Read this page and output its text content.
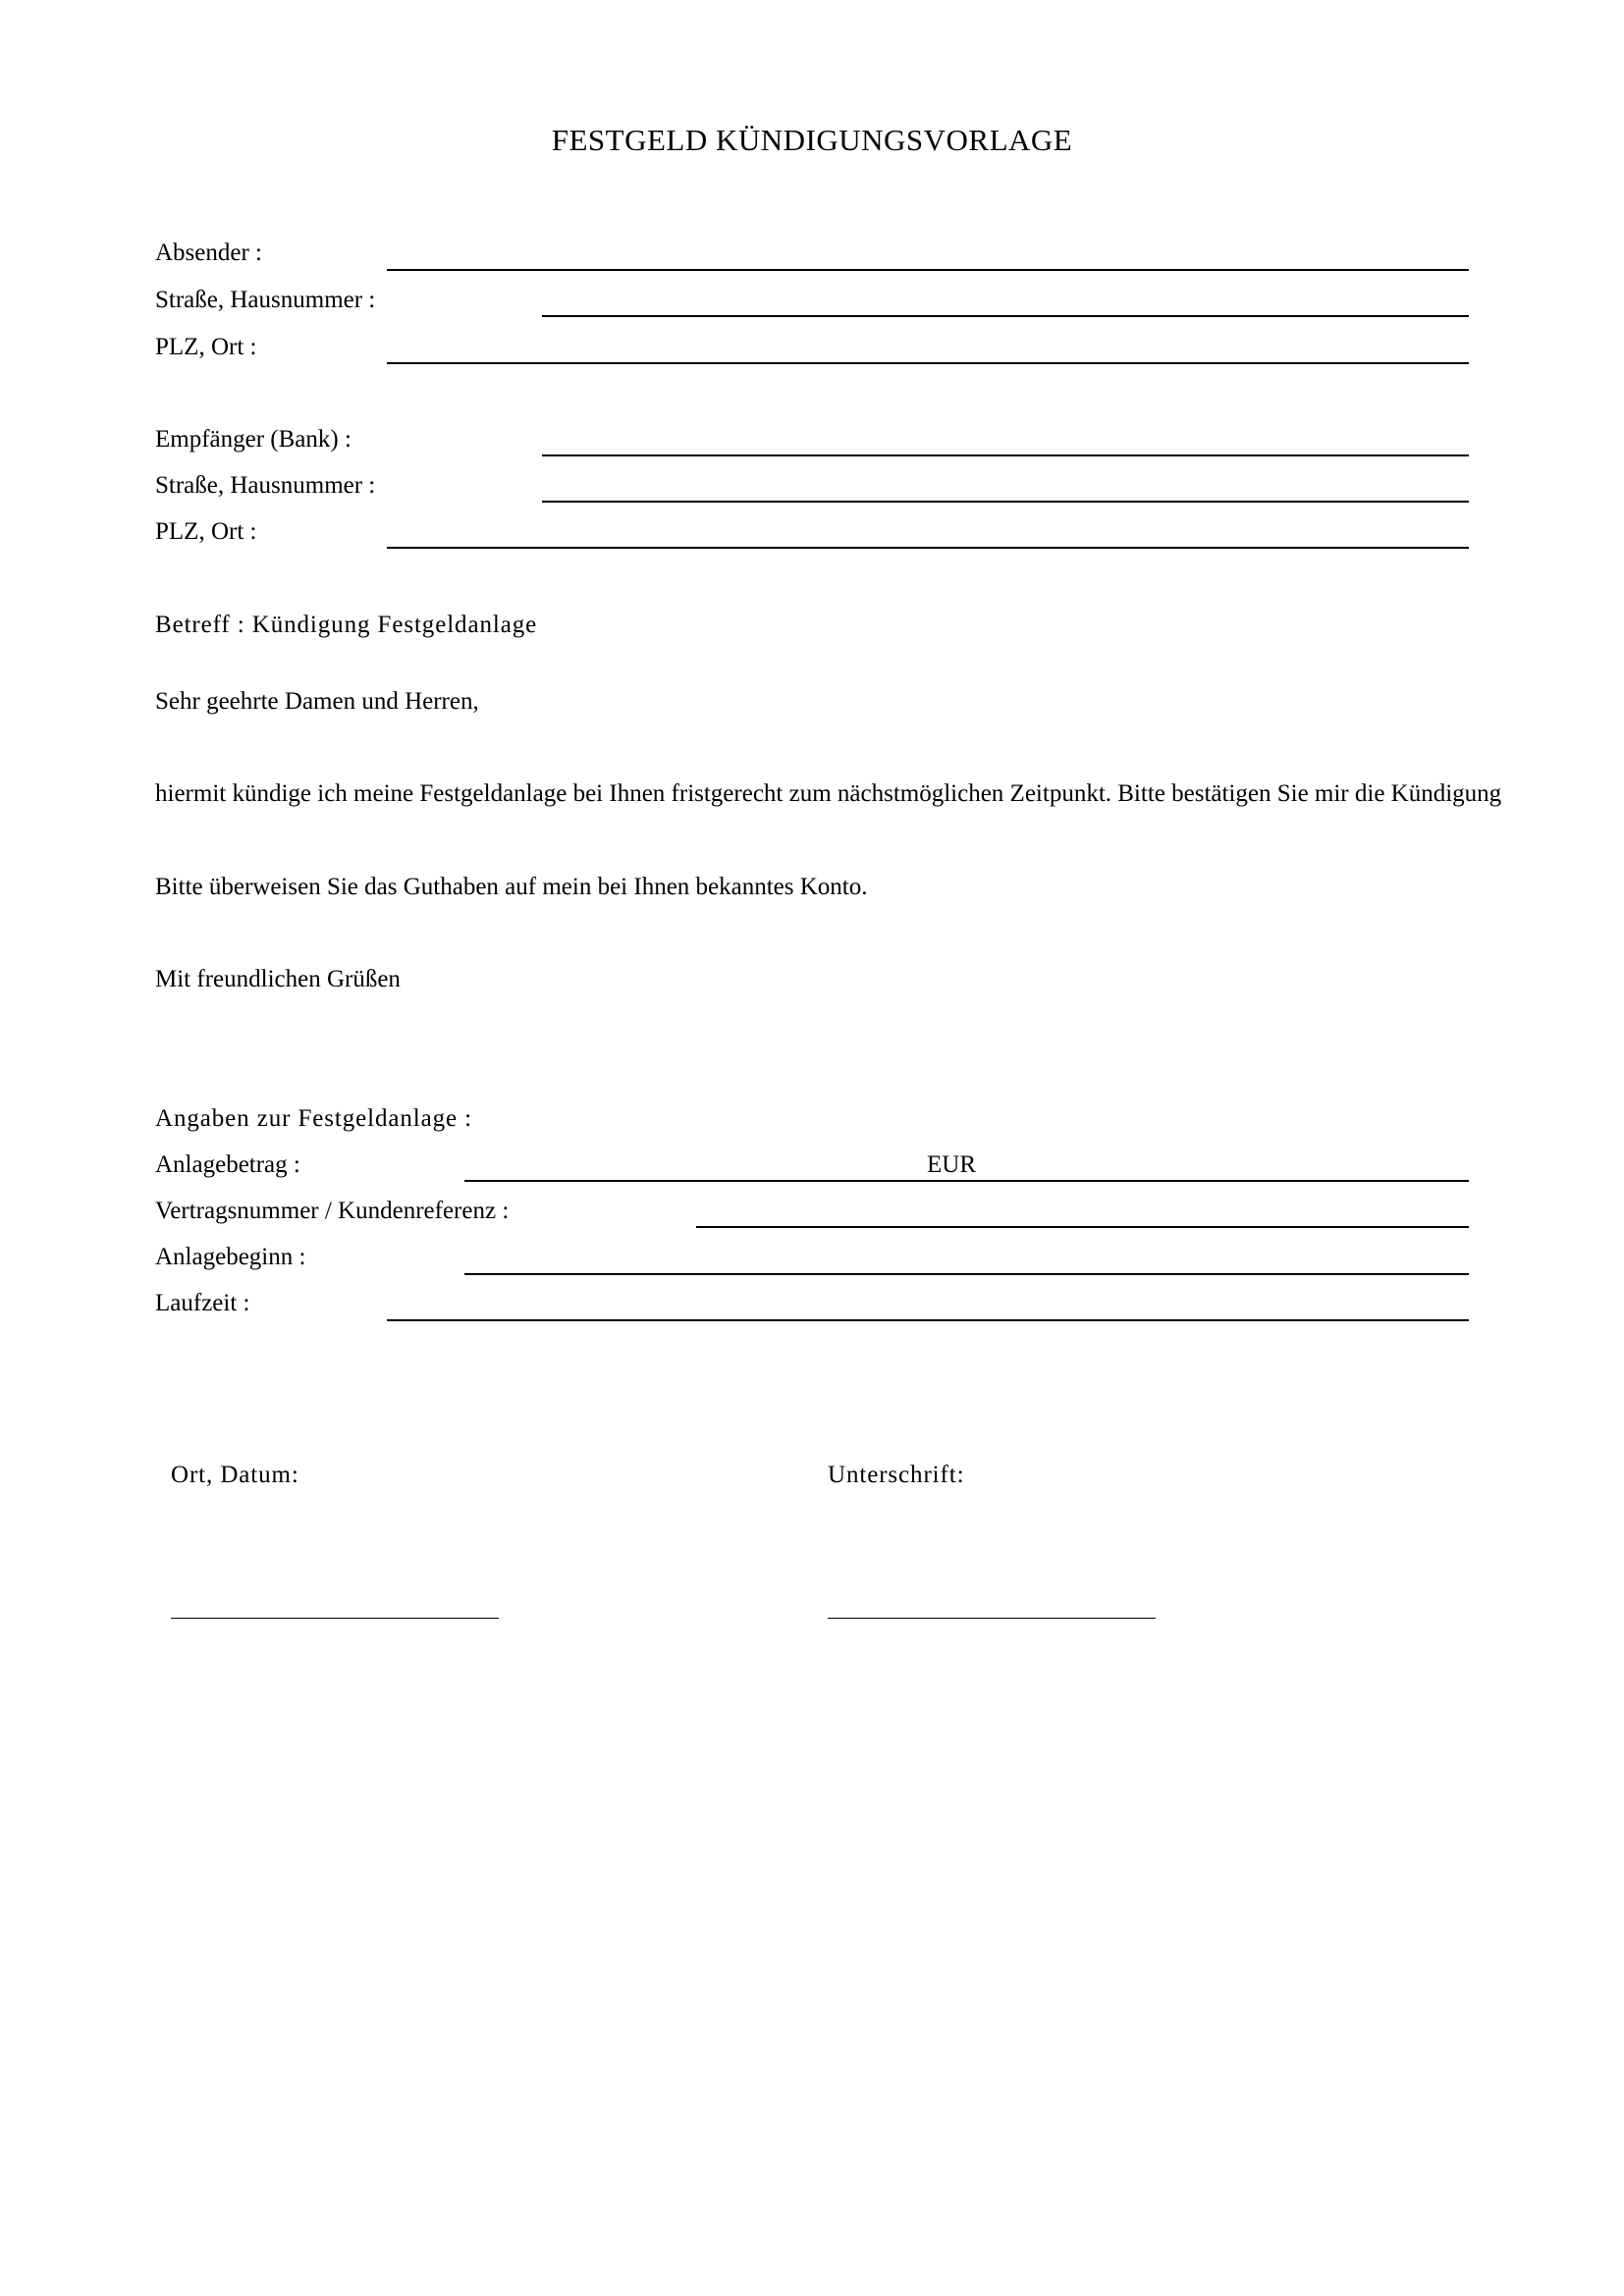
FESTGELD KÜNDIGUNGSVORLAGE
Absender :
Straße, Hausnummer :
PLZ, Ort :
Empfänger (Bank) :
Straße, Hausnummer :
PLZ, Ort :
Betreff : Kündigung Festgeldanlage
Sehr geehrte Damen und Herren,
hiermit kündige ich meine Festgeldanlage bei Ihnen fristgerecht zum nächstmöglichen Zeitpunkt. Bitte bestätigen Sie mir die Kündigung
Bitte überweisen Sie das Guthaben auf mein bei Ihnen bekanntes Konto.
Mit freundlichen Grüßen
Angaben zur Festgeldanlage :
Anlagebetrag :	EUR
Vertragsnummer / Kundenreferenz :
Anlagebeginn :
Laufzeit :
Ort, Datum:	Unterschrift:
